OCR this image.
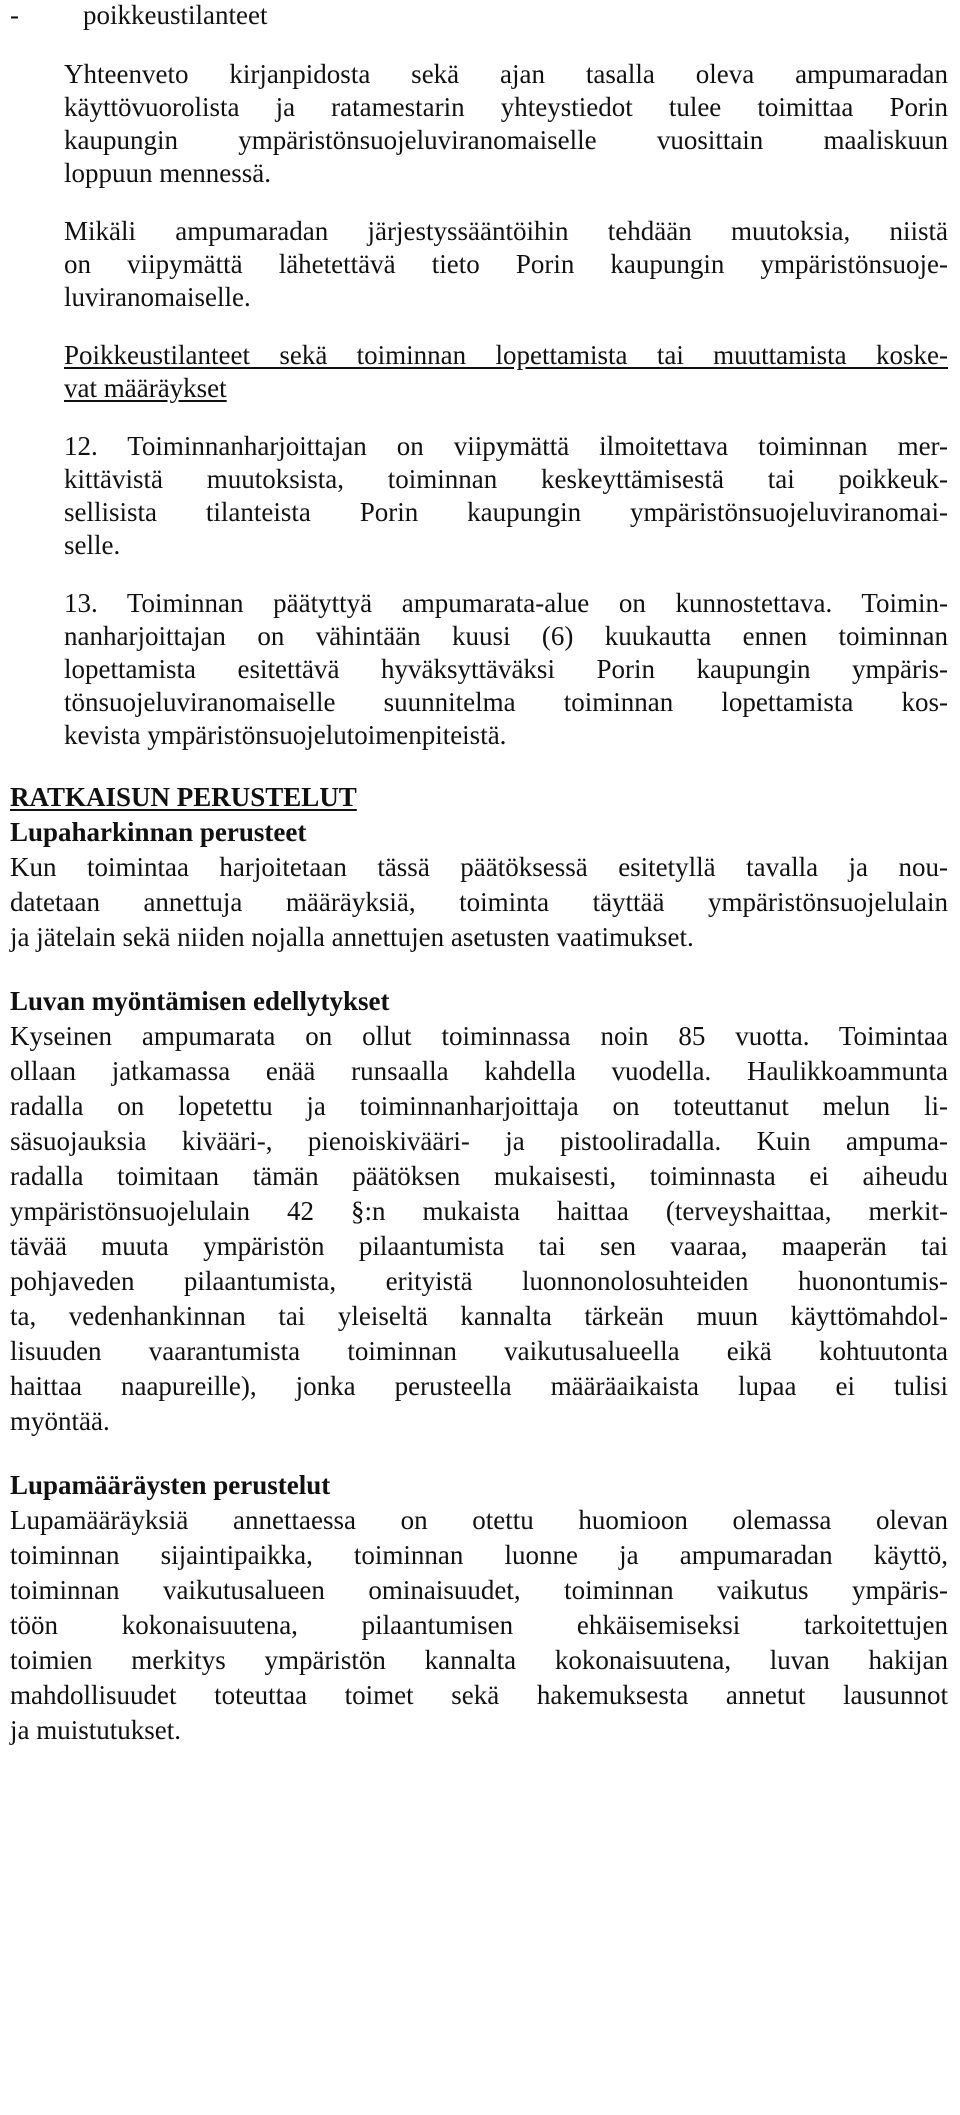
- poikkeustilanteet

Yhteenveto kirjanpidosta sekä ajan tasalla oleva ampumaradan

käyttövuorolista ja ratamestarin yhteystiedot tulee toimittaa Porin

kaupungin ympäristönsuojeluviranomaiselle vuosittain maaliskuun

loppuun mennessä.

Mikäli ampumaradan järjestyssääntöihin tehdään muutoksia, niistä

on viipymättä lähetettävä tieto Porin kaupungin ympäristönsuoje-

luviranomaiselle.

Poikkeustilanteet sekä toiminnan lopettamista tai muuttamista koske-

vat määräykset

12. Toiminnanharjoittajan on viipymättä ilmoitettava toiminnan mer-

kittävistä muutoksista, toiminnan keskeyttämisestä tai poikkeuk-

sellisista tilanteista Porin kaupungin ympäristönsuojeluviranomai-

selle.

13. Toiminnan päätyttyä ampumarata-alue on kunnostettava. Toimin-

nanharjoittajan on vähintään kuusi (6) kuukautta ennen toiminnan

lopettamista esitettävä hyväksyttäväksi Porin kaupungin ympäris-

tönsuojeluviranomaiselle suunnitelma toiminnan lopettamista kos-

kevista ympäristönsuojelutoimenpiteistä.

RATKAISUN PERUSTELUT

Lupaharkinnan perusteet

Kun toimintaa harjoitetaan tässä päätöksessä esitetyllä tavalla ja nou-

datetaan annettuja määräyksiä, toiminta täyttää ympäristönsuojelulain

ja jätelain sekä niiden nojalla annettujen asetusten vaatimukset.

Luvan myöntämisen edellytykset

Kyseinen ampumarata on ollut toiminnassa noin 85 vuotta. Toimintaa

ollaan jatkamassa enää runsaalla kahdella vuodella. Haulikkoammunta

radalla on lopetettu ja toiminnanharjoittaja on toteuttanut melun li-

säsuojauksia kivääri-, pienoiskivääri- ja pistooliradalla. Kuin ampuma-

radalla toimitaan tämän päätöksen mukaisesti, toiminnasta ei aiheudu

ympäristönsuojelulain 42 §:n mukaista haittaa (terveyshaittaa, merkit-

tävää muuta ympäristön pilaantumista tai sen vaaraa, maaperän tai

pohjaveden pilaantumista, erityistä luonnonolosuhteiden huonontumis-

ta, vedenhankinnan tai yleiseltä kannalta tärkeän muun käyttömahdol-

lisuuden vaarantumista toiminnan vaikutusalueella eikä kohtuutonta

haittaa naapureille), jonka perusteella määräaikaista lupaa ei tulisi

myöntää.

Lupamääräysten perustelut

Lupamääräyksiä annettaessa on otettu huomioon olemassa olevan

toiminnan sijaintipaikka, toiminnan luonne ja ampumaradan käyttö,

toiminnan vaikutusalueen ominaisuudet, toiminnan vaikutus ympäris-

töön kokonaisuutena, pilaantumisen ehkäisemiseksi tarkoitettujen

toimien merkitys ympäristön kannalta kokonaisuutena, luvan hakijan

mahdollisuudet toteuttaa toimet sekä hakemuksesta annetut lausunnot

ja muistutukset.
